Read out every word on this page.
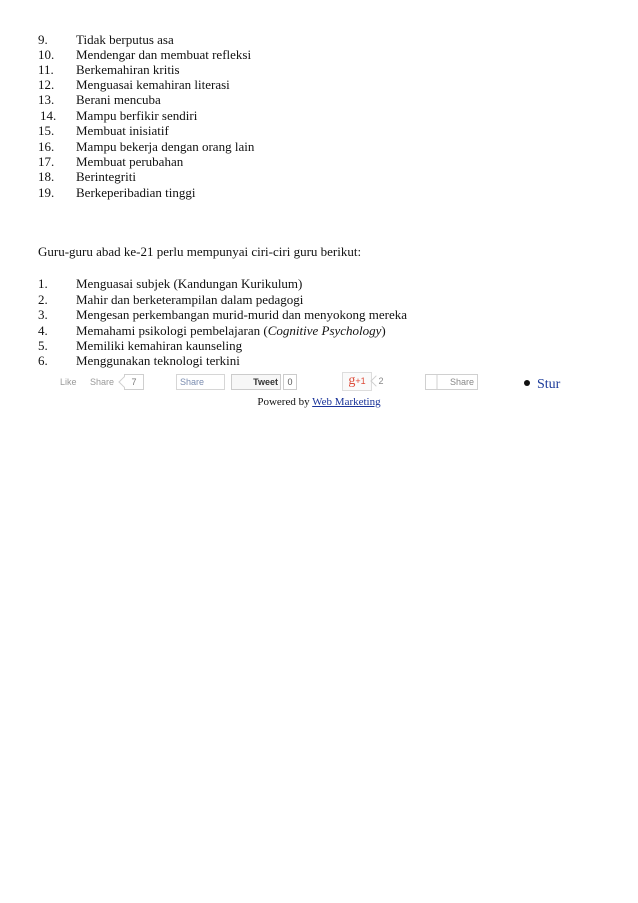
9. Tidak berputus asa
10. Mendengar dan membuat refleksi
11. Berkemahiran kritis
12. Menguasai kemahiran literasi
13. Berani mencuba
14. Mampu berfikir sendiri
15. Membuat inisiatif
16. Mampu bekerja dengan orang lain
17. Membuat perubahan
18. Berintegriti
19. Berkeperibadian tinggi
Guru-guru abad ke-21 perlu mempunyai ciri-ciri guru berikut:
1. Menguasai subjek (Kandungan Kurikulum)
2. Mahir dan berketerampilan dalam pedagogi
3. Mengesan perkembangan murid-murid dan menyokong mereka
4. Memahami psikologi pembelajaran (Cognitive Psychology)
5. Memiliki kemahiran kaunseling
6. Menggunakan teknologi terkini
Like Share	7	Share	Tweet	0	g+1	2	Share	Stur
Powered by Web Marketing
